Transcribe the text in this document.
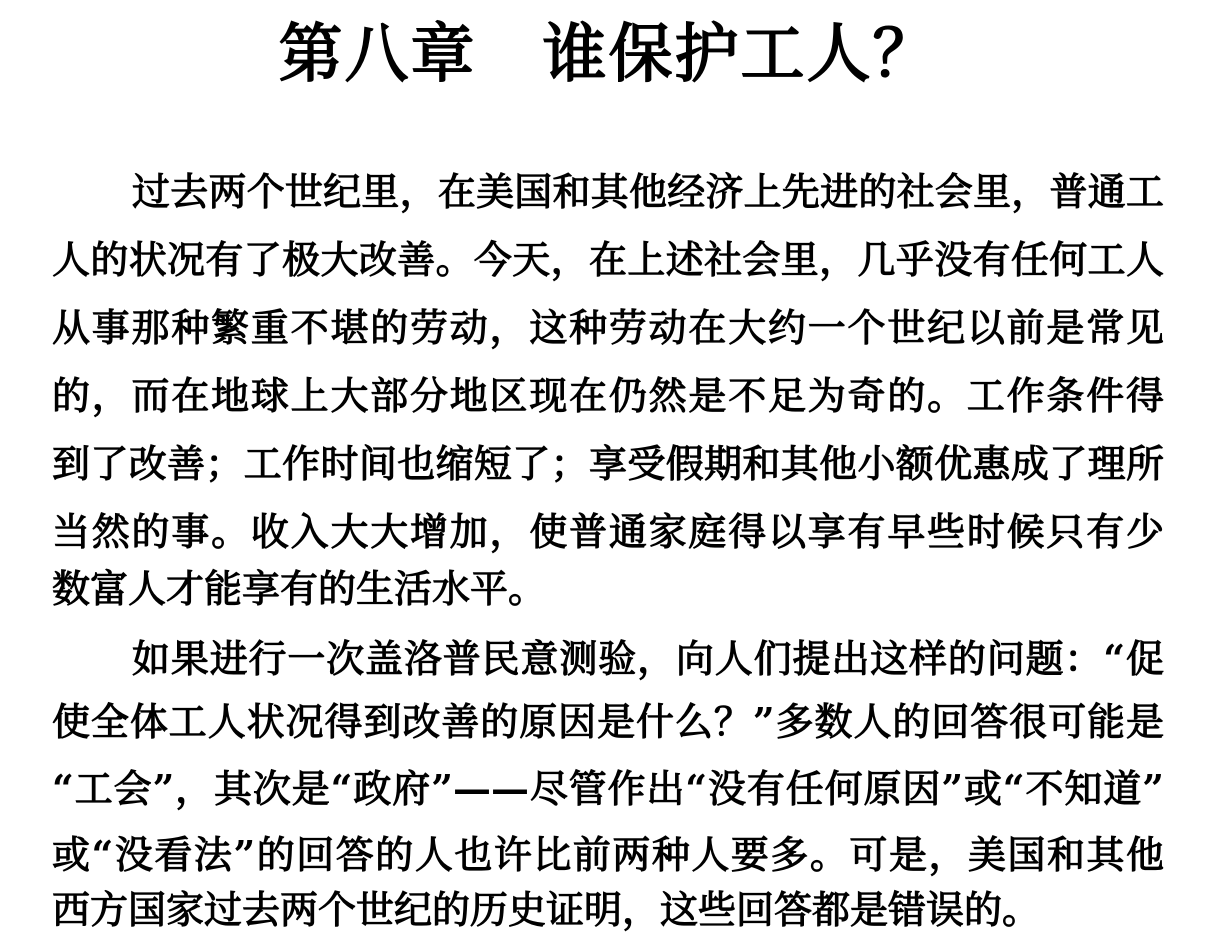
第八章　谁保护工人？
过去两个世纪里，在美国和其他经济上先进的社会里，普通工
人的状况有了极大改善。今天，在上述社会里，几乎没有任何工人
从事那种繁重不堪的劳动，这种劳动在大约一个世纪以前是常见
的，而在地球上大部分地区现在仍然是不足为奇的。工作条件得
到了改善；工作时间也缩短了；享受假期和其他小额优惠成了理所
当然的事。收入大大增加，使普通家庭得以享有早些时候只有少
数富人才能享有的生活水平。
如果进行一次盖洛普民意测验，向人们提出这样的问题：“促
使全体工人状况得到改善的原因是什么？”多数人的回答很可能是
“工会”，其次是“政府”——尽管作出“没有任何原因”或“不知道”
或“没看法”的回答的人也许比前两种人要多。可是，美国和其他
西方国家过去两个世纪的历史证明，这些回答都是错误的。
